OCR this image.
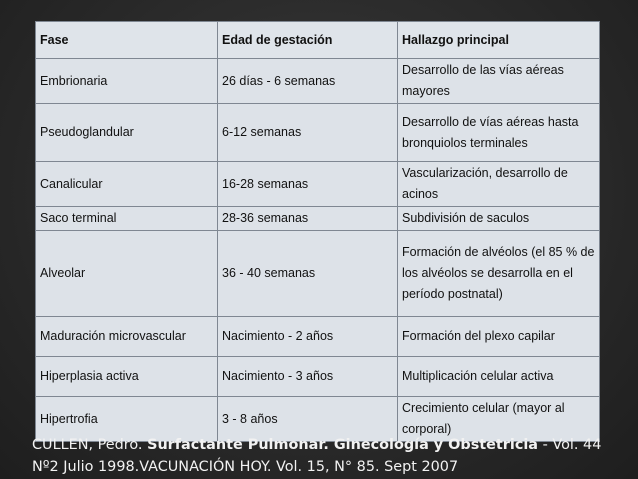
Fase	Edad de gestación	Hallazgo principal
Embrionaria	26 días - 6 semanas	Desarrollo de las vías aéreas mayores
Pseudoglandular	6-12 semanas	Desarrollo de vías aéreas hasta bronquiolos terminales
Canalicular	16-28 semanas	Vascularización, desarrollo de acinos
Saco terminal	28-36 semanas	Subdivisión de saculos
Alveolar	36 - 40 semanas	Formación de alvéolos (el 85 % de los alvéolos se desarrolla en el período postnatal)
Maduración microvascular	Nacimiento - 2 años	Formación del plexo capilar
Hiperplasia activa	Nacimiento - 3 años	Multiplicación celular activa
Hipertrofia	3 - 8 años	Crecimiento celular (mayor al corporal)
CULLEN, Pedro. Surfactante Pulmonar. Ginecología y Obstetricia - Vol. 44 Nº2 Julio 1998.VACUNACIÓN HOY. Vol. 15, N° 85. Sept 2007
